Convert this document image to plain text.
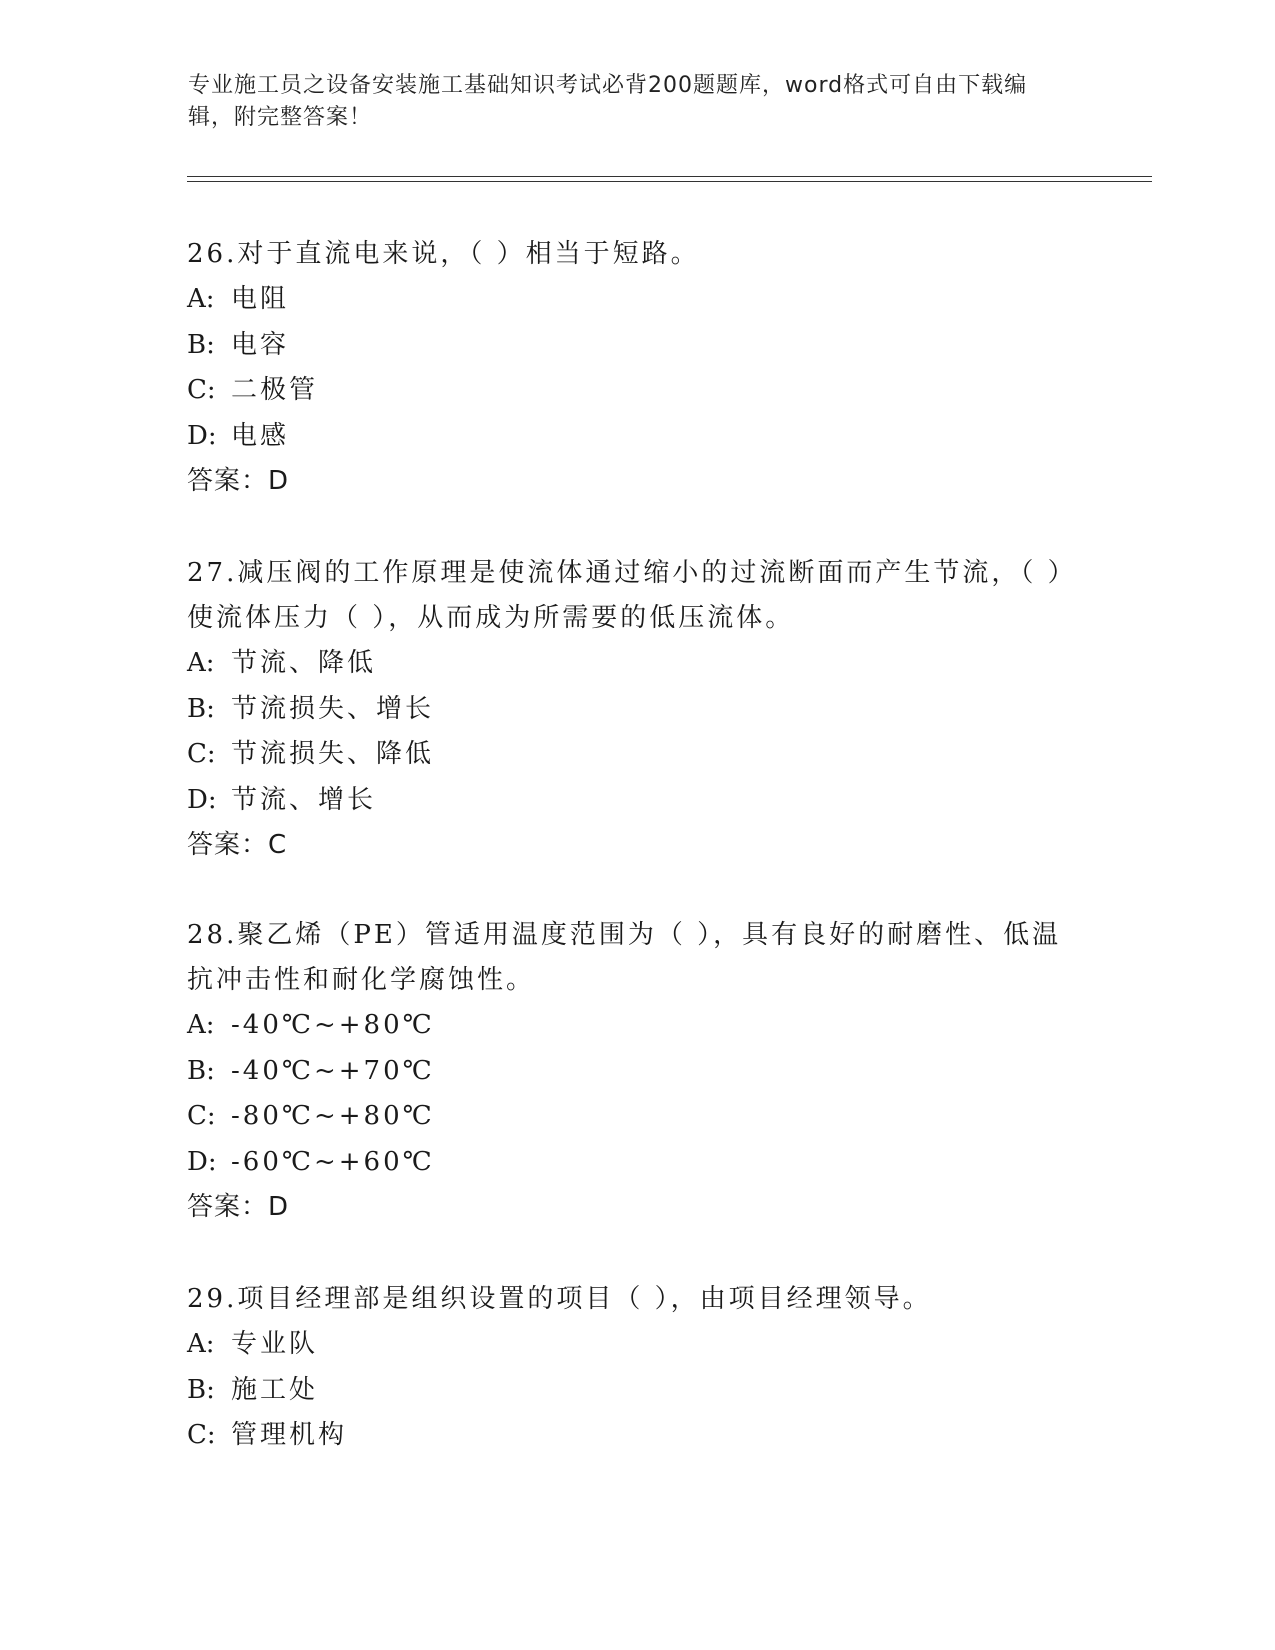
专业施工员之设备安装施工基础知识考试必背200题题库，word格式可自由下载编辑，附完整答案！

26.对于直流电来说，（ ）相当于短路。

A: 电阻

B: 电容

C: 二极管

D: 电感

答案：D

27.减压阀的工作原理是使流体通过缩小的过流断面而产生节流，（ ）使流体压力（ ），从而成为所需要的低压流体。

A: 节流、降低

B: 节流损失、增长

C: 节流损失、降低

D: 节流、增长

答案：C

28.聚乙烯（PE）管适用温度范围为（ ），具有良好的耐磨性、低温抗冲击性和耐化学腐蚀性。

A: -40℃~+80℃

B: -40℃~+70℃

C: -80℃~+80℃

D: -60℃~+60℃

答案：D

29.项目经理部是组织设置的项目（ ），由项目经理领导。

A: 专业队

B: 施工处

C: 管理机构
